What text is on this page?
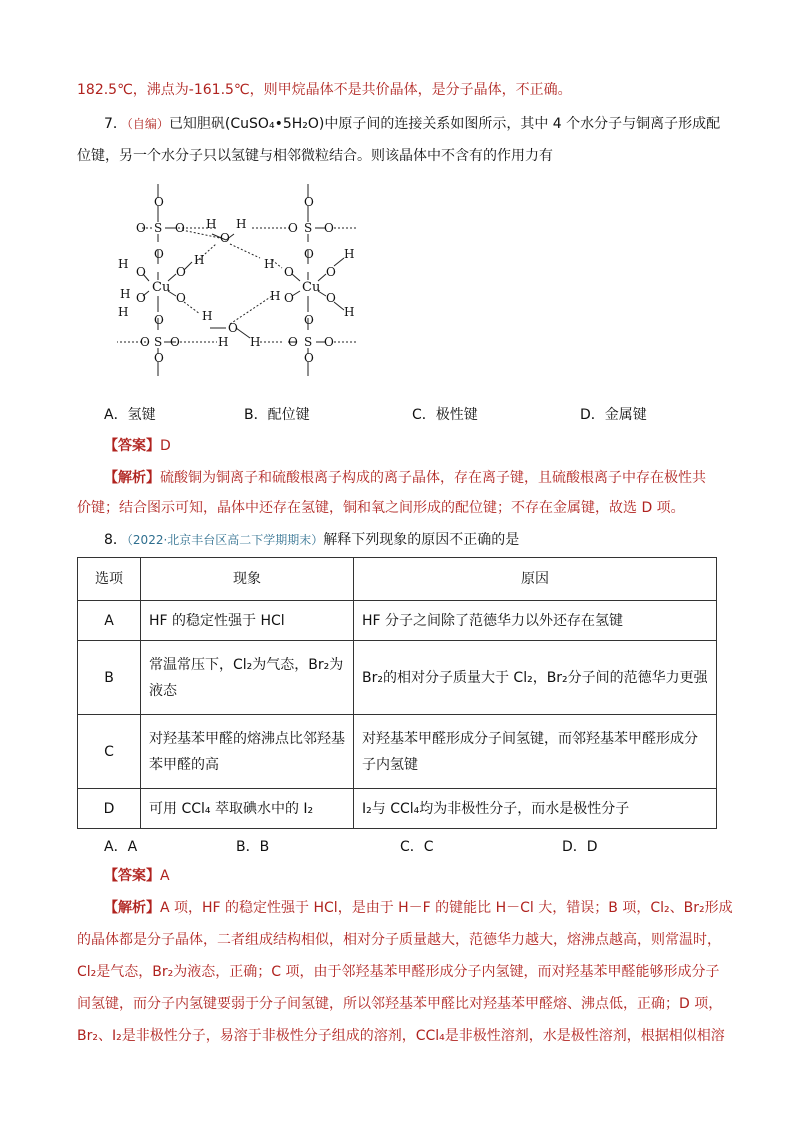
182.5℃，沸点为-161.5℃，则甲烷晶体不是共价晶体，是分子晶体，不正确。
7．（自编）已知胆矾(CuSO₄•5H₂O)中原子间的连接关系如图所示，其中 4 个水分子与铜离子形成配
位键，另一个水分子只以氢键与相邻微粒结合。则该晶体中不含有的作用力有
O
O S O
O
H
O
H O
H
Cu
O
H
O
H
O
O S O
O
H
O
H
H
O
H
O
O S O
O
H
O
H O
Cu
O
H
O
H
O
O S O
O
A．氢键	B．配位键	C．极性键	D．金属键
【答案】D
【解析】硫酸铜为铜离子和硫酸根离子构成的离子晶体，存在离子键，且硫酸根离子中存在极性共
价键；结合图示可知，晶体中还存在氢键，铜和氧之间形成的配位键；不存在金属键，故选 D 项。
8．（2022·北京丰台区高二下学期期末）解释下列现象的原因不正确的是
选项	现象	原因
A	HF 的稳定性强于 HCl	HF 分子之间除了范德华力以外还存在氢键
B	常温常压下，Cl₂为气态，Br₂为液态	Br₂的相对分子质量大于 Cl₂，Br₂分子间的范德华力更强
C	对羟基苯甲醛的熔沸点比邻羟基苯甲醛的高	对羟基苯甲醛形成分子间氢键，而邻羟基苯甲醛形成分子内氢键
D	可用 CCl₄ 萃取碘水中的 I₂	I₂与 CCl₄均为非极性分子，而水是极性分子
A．A	B．B	C．C	D．D
【答案】A
【解析】A 项，HF 的稳定性强于 HCl，是由于 H－F 的键能比 H－Cl 大，错误；B 项，Cl₂、Br₂形成
的晶体都是分子晶体，二者组成结构相似，相对分子质量越大，范德华力越大，熔沸点越高，则常温时，
Cl₂是气态，Br₂为液态，正确；C 项，由于邻羟基苯甲醛形成分子内氢键，而对羟基苯甲醛能够形成分子
间氢键，而分子内氢键要弱于分子间氢键，所以邻羟基苯甲醛比对羟基苯甲醛熔、沸点低，正确；D 项，
Br₂、I₂是非极性分子，易溶于非极性分子组成的溶剂，CCl₄是非极性溶剂，水是极性溶剂，根据相似相溶
